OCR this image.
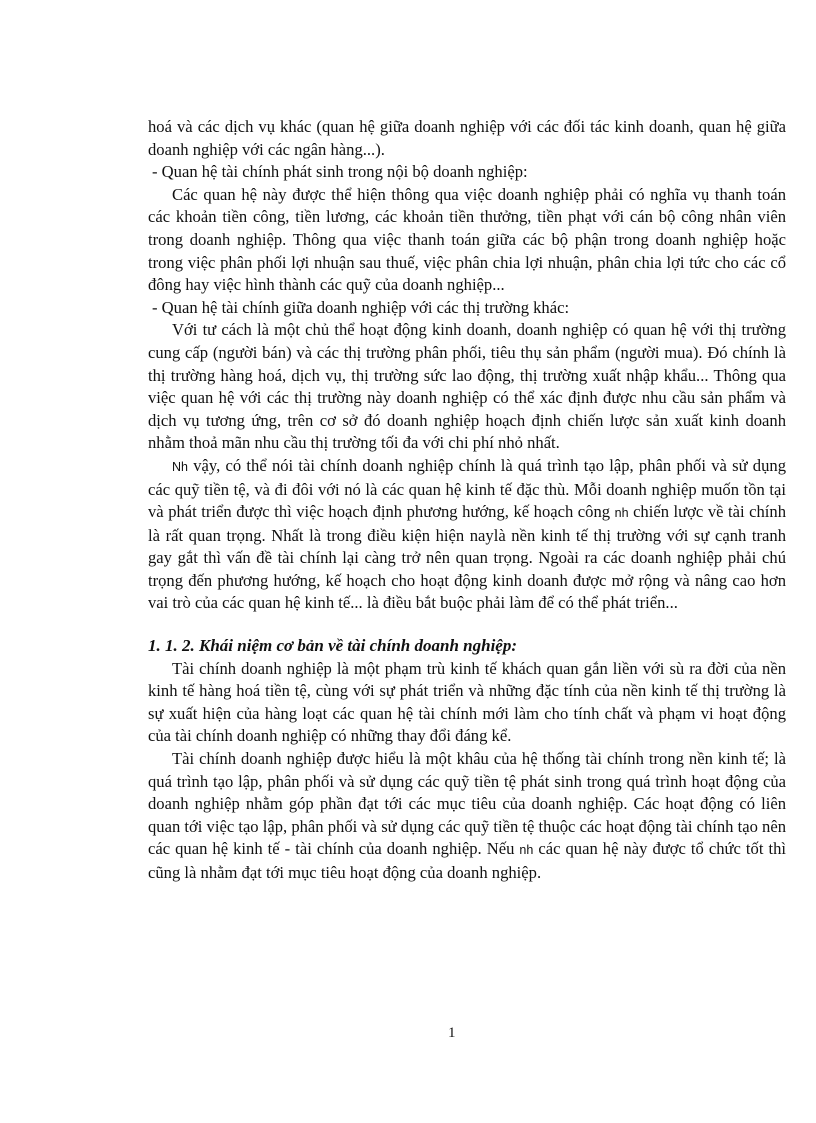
hoá và các dịch vụ khác (quan hệ giữa doanh nghiệp với các đối tác kinh doanh, quan hệ giữa doanh nghiệp với các ngân hàng...).

- Quan hệ tài chính phát sinh trong nội bộ doanh nghiệp:

Các quan hệ này được thể hiện thông qua việc doanh nghiệp phải có nghĩa vụ thanh toán các khoản tiền công, tiền lương, các khoản tiền thưởng, tiền phạt với cán bộ công nhân viên trong doanh nghiệp. Thông qua việc thanh toán giữa các bộ phận trong doanh nghiệp hoặc trong việc phân phối lợi nhuận sau thuế, việc phân chia lợi nhuận, phân chia lợi tức cho các cổ đông hay việc hình thành các quỹ của doanh nghiệp...

- Quan hệ tài chính giữa doanh nghiệp với các thị trường khác:

Với tư cách là một chủ thể hoạt động kinh doanh, doanh nghiệp có quan hệ với thị trường cung cấp (người bán) và các thị trường phân phối, tiêu thụ sản phẩm (người mua). Đó chính là thị trường hàng hoá, dịch vụ, thị trường sức lao động, thị trường xuất nhập khẩu... Thông qua việc quan hệ với các thị trường này doanh nghiệp có thể xác định được nhu cầu sản phẩm và dịch vụ tương ứng, trên cơ sở đó doanh nghiệp hoạch định chiến lược sản xuất kinh doanh nhằm thoả mãn nhu cầu thị trường tối đa với chi phí nhỏ nhất.

Nh vậy, có thể nói tài chính doanh nghiệp chính là quá trình tạo lập, phân phối và sử dụng các quỹ tiền tệ, và đi đôi với nó là các quan hệ kinh tế đặc thù. Mỗi doanh nghiệp muốn tồn tại và phát triển được thì việc hoạch định phương hướng, kế hoạch công nh chiến lược về tài chính là rất quan trọng. Nhất là trong điều kiện hiện naylà nền kinh tế thị trường với sự cạnh tranh gay gắt thì vấn đề tài chính lại càng trở nên quan trọng. Ngoài ra các doanh nghiệp phải chú trọng đến phương hướng, kế hoạch cho hoạt động kinh doanh được mở rộng và nâng cao hơn vai trò của các quan hệ kinh tế... là điều bắt buộc phải làm để có thể phát triển...

1. 1. 2. Khái niệm cơ bản về tài chính doanh nghiệp:

Tài chính doanh nghiệp là một phạm trù kinh tế khách quan gắn liền với sù ra đời của nền kinh tế hàng hoá tiền tệ, cùng với sự phát triển và những đặc tính của nền kinh tế thị trường là sự xuất hiện của hàng loạt các quan hệ tài chính mới làm cho tính chất và phạm vi hoạt động của tài chính doanh nghiệp có những thay đổi đáng kể.

Tài chính doanh nghiệp được hiểu là một khâu của hệ thống tài chính trong nền kinh tế; là quá trình tạo lập, phân phối và sử dụng các quỹ tiền tệ phát sinh trong quá trình hoạt động của doanh nghiệp nhằm góp phần đạt tới các mục tiêu của doanh nghiệp. Các hoạt động có liên quan tới việc tạo lập, phân phối và sử dụng các quỹ tiền tệ thuộc các hoạt động tài chính tạo nên các quan hệ kinh tế - tài chính của doanh nghiệp. Nếu nh các quan hệ này được tổ chức tốt thì cũng là nhằm đạt tới mục tiêu hoạt động của doanh nghiệp.

1
